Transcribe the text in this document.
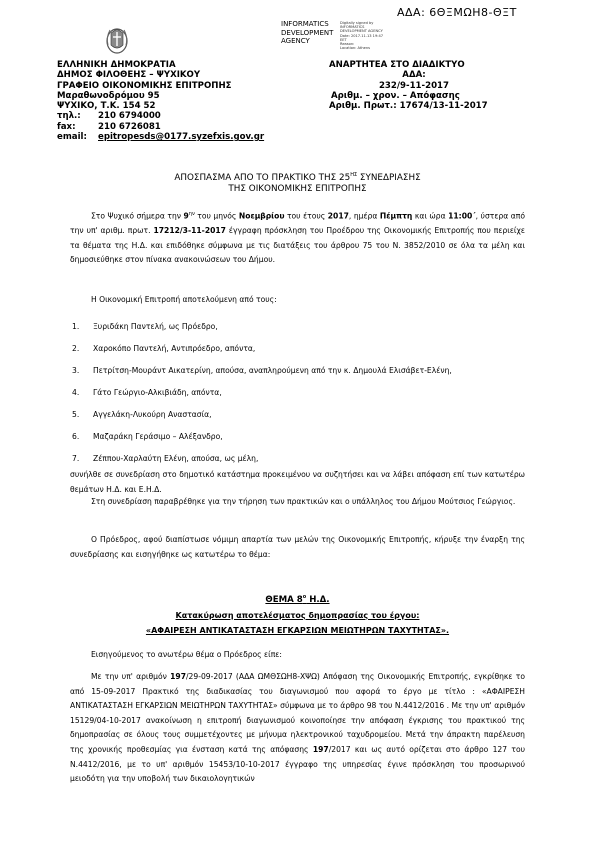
ΑΔΑ: 6ΘΞΜΩΗ8-ΘΞΤ
INFORMATICS
DEVELOPMENT
AGENCY
Digitally signed by
INFORMATICS
DEVELOPMENT AGENCY
Date: 2017.11.13 19:47
EET
Reason:
Location: Athens
ΕΛΛΗΝΙΚΗ ΔΗΜΟΚΡΑΤΙΑ
ΔΗΜΟΣ ΦΙΛΟΘΕΗΣ – ΨΥΧΙΚΟΥ
ΓΡΑΦΕΙΟ ΟΙΚΟΝΟΜΙΚΗΣ ΕΠΙΤΡΟΠΗΣ
Μαραθωνοδρόμου 95
ΨΥΧΙΚΟ, Τ.Κ. 154 52
τηλ.: 210 6794000
fax:	210 6726081
email: epitropesds@0177.syzefxis.gov.gr
ΑΝΑΡΤΗΤΕΑ ΣΤΟ ΔΙΑΔΙΚΤΥΟ
ΑΔΑ:
232/9-11-2017
Αριθμ. – χρον. – Απόφασης
Αριθμ. Πρωτ.: 17674/13-11-2017
ΑΠΟΣΠΑΣΜΑ ΑΠΟ ΤΟ ΠΡΑΚΤΙΚΟ ΤΗΣ $25^{H\Sigma}$ ΣΥΝΕΔΡΙΑΣΗΣ
ΤΗΣ ΟΙΚΟΝΟΜΙΚΗΣ ΕΠΙΤΡΟΠΗΣ
Στο Ψυχικό σήμερα την $9^{\eta\nu}$ του μηνός Νοεμβρίου του έτους 2017, ημέρα Πέμπτη και ώρα 11:00΄, ύστερα από την υπ' αριθμ. πρωτ. 17212/3-11-2017 έγγραφη πρόσκληση του Προέδρου της Οικονομικής Επιτροπής που περιείχε τα θέματα της Η.Δ. και επιδόθηκε σύμφωνα με τις διατάξεις του άρθρου 75 του Ν. 3852/2010 σε όλα τα μέλη και δημοσιεύθηκε στον πίνακα ανακοινώσεων του Δήμου.
Η Οικονομική Επιτροπή αποτελούμενη από τους:
1. Ξυριδάκη Παντελή, ως Πρόεδρο,
2. Χαροκόπο Παντελή, Αντιπρόεδρο, απόντα,
3. Πετρίτση-Μουράντ Αικατερίνη, απούσα, αναπληρούμενη από την κ. Δημουλά Ελισάβετ-Ελένη,
4. Γάτο Γεώργιο-Αλκιβιάδη, απόντα,
5. Αγγελάκη-Λυκούρη Αναστασία,
6. Μαζαράκη Γεράσιμο – Αλέξανδρο,
7. Ζέππου-Χαρλαύτη Ελένη, απούσα, ως μέλη,
συνήλθε σε συνεδρίαση στο δημοτικό κατάστημα προκειμένου να συζητήσει και να λάβει απόφαση επί των κατωτέρω θεμάτων Η.Δ. και Ε.Η.Δ.
Στη συνεδρίαση παραβρέθηκε για την τήρηση των πρακτικών και ο υπάλληλος του Δήμου Μούτσιος Γεώργιος.
Ο Πρόεδρος, αφού διαπίστωσε νόμιμη απαρτία των μελών της Οικονομικής Επιτροπής, κήρυξε την έναρξη της συνεδρίασης και εισηγήθηκε ως κατωτέρω το θέμα:
ΘΕΜΑ $8^o$ Η.Δ.
Κατακύρωση αποτελέσματος δημοπρασίας του έργου:
«ΑΦΑΙΡΕΣΗ ΑΝΤΙΚΑΤΑΣΤΑΣΗ ΕΓΚΑΡΣΙΩΝ ΜΕΙΩΤΗΡΩΝ ΤΑΧΥΤΗΤΑΣ».
Εισηγούμενος το ανωτέρω θέμα ο Πρόεδρος είπε:
Με την υπ' αριθμόν 197/29-09-2017 (ΑΔΑ ΩΜΘΣΩΗ8-ΧΨΩ) Απόφαση της Οικονομικής Επιτροπής, εγκρίθηκε το από 15-09-2017 Πρακτικό της διαδικασίας του διαγωνισμού που αφορά το έργο με τίτλο : «ΑΦΑΙΡΕΣΗ ΑΝΤΙΚΑΤΑΣΤΑΣΗ ΕΓΚΑΡΣΙΩΝ ΜΕΙΩΤΗΡΩΝ ΤΑΧΥΤΗΤΑΣ» σύμφωνα με το άρθρο 98 του Ν.4412/2016 . Με την υπ' αριθμόν 15129/04-10-2017 ανακοίνωση η επιτροπή διαγωνισμού κοινοποίησε την απόφαση έγκρισης του πρακτικού της δημοπρασίας σε όλους τους συμμετέχοντες με μήνυμα ηλεκτρονικού ταχυδρομείου. Μετά την άπρακτη παρέλευση της χρονικής προθεσμίας για ένσταση κατά της απόφασης 197/2017 και ως αυτό ορίζεται στο άρθρο 127 του Ν.4412/2016, με το υπ' αριθμόν 15453/10-10-2017 έγγραφο της υπηρεσίας έγινε πρόσκληση του προσωρινού μειοδότη για την υποβολή των δικαιολογητικών
